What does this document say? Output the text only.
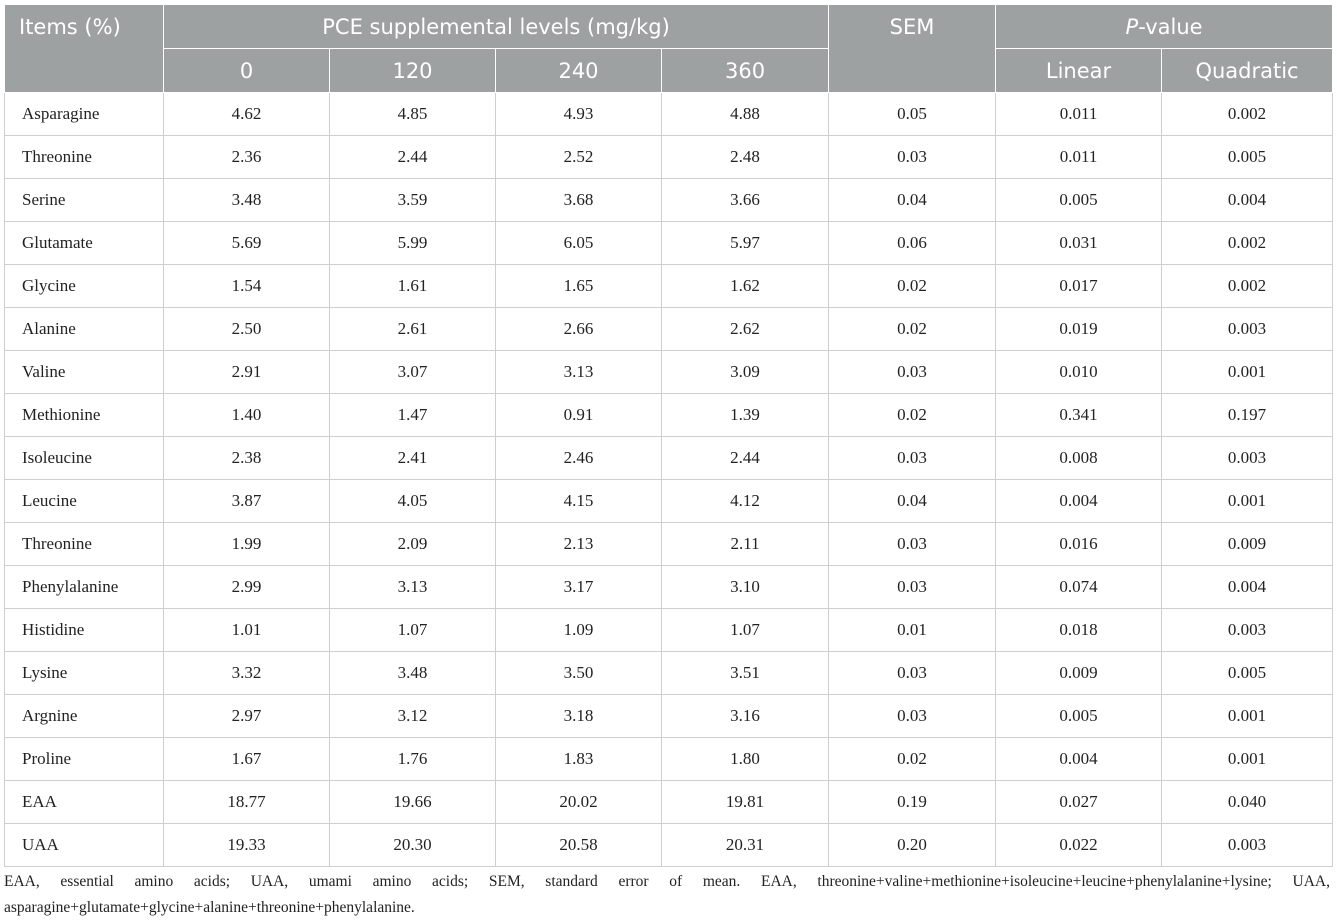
Items (%)	PCE supplemental levels (mg/kg)				SEM	P-value	
	0	120	240	360		Linear	Quadratic
Asparagine	4.62	4.85	4.93	4.88	0.05	0.011	0.002
Threonine	2.36	2.44	2.52	2.48	0.03	0.011	0.005
Serine	3.48	3.59	3.68	3.66	0.04	0.005	0.004
Glutamate	5.69	5.99	6.05	5.97	0.06	0.031	0.002
Glycine	1.54	1.61	1.65	1.62	0.02	0.017	0.002
Alanine	2.50	2.61	2.66	2.62	0.02	0.019	0.003
Valine	2.91	3.07	3.13	3.09	0.03	0.010	0.001
Methionine	1.40	1.47	0.91	1.39	0.02	0.341	0.197
Isoleucine	2.38	2.41	2.46	2.44	0.03	0.008	0.003
Leucine	3.87	4.05	4.15	4.12	0.04	0.004	0.001
Threonine	1.99	2.09	2.13	2.11	0.03	0.016	0.009
Phenylalanine	2.99	3.13	3.17	3.10	0.03	0.074	0.004
Histidine	1.01	1.07	1.09	1.07	0.01	0.018	0.003
Lysine	3.32	3.48	3.50	3.51	0.03	0.009	0.005
Argnine	2.97	3.12	3.18	3.16	0.03	0.005	0.001
Proline	1.67	1.76	1.83	1.80	0.02	0.004	0.001
EAA	18.77	19.66	20.02	19.81	0.19	0.027	0.040
UAA	19.33	20.30	20.58	20.31	0.20	0.022	0.003
EAA, essential amino acids; UAA, umami amino acids; SEM, standard error of mean. EAA, threonine+valine+methionine+isoleucine+leucine+phenylalanine+lysine; UAA, asparagine+glutamate+glycine+alanine+threonine+phenylalanine.
